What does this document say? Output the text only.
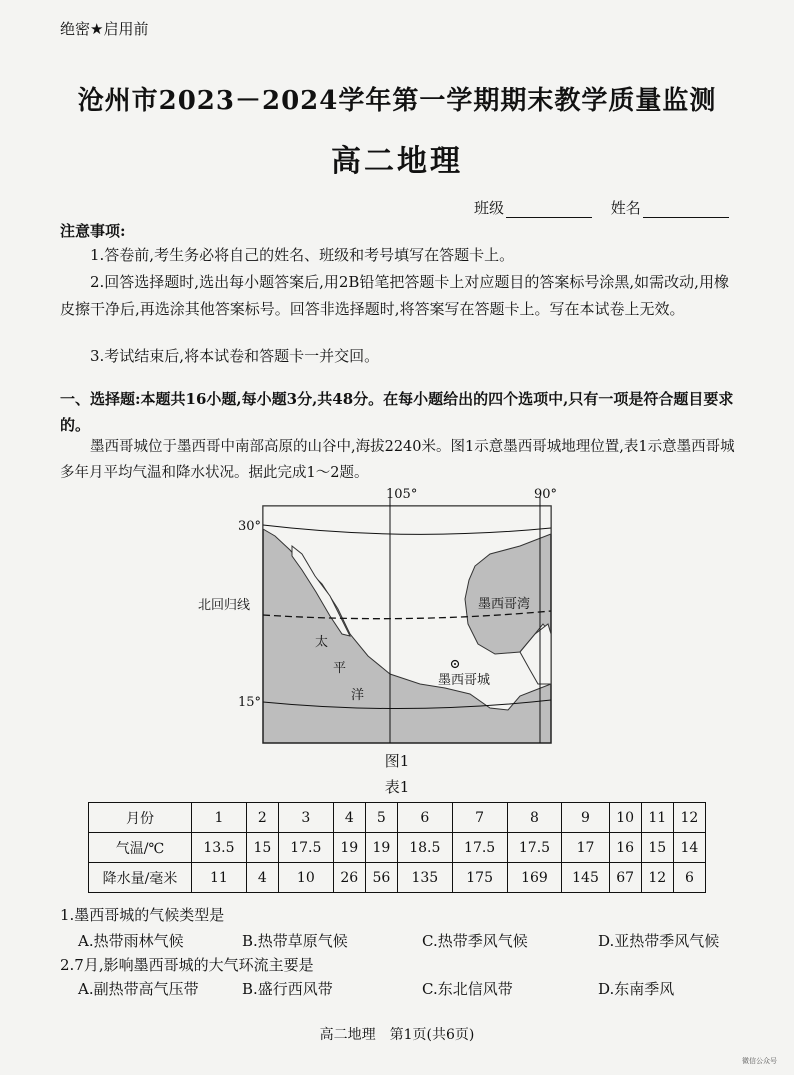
绝密★启用前
沧州市2023－2024学年第一学期期末教学质量监测
高二地理
班级	姓名
注意事项:
1.答卷前,考生务必将自己的姓名、班级和考号填写在答题卡上。
2.回答选择题时,选出每小题答案后,用2B铅笔把答题卡上对应题目的答案标号涂黑,如需改动,用橡皮擦干净后,再选涂其他答案标号。回答非选择题时,将答案写在答题卡上。写在本试卷上无效。
3.考试结束后,将本试卷和答题卡一并交回。
一、选择题:本题共16小题,每小题3分,共48分。在每小题给出的四个选项中,只有一项是符合题目要求的。
墨西哥城位于墨西哥中南部高原的山谷中,海拔2240米。图1示意墨西哥城地理位置,表1示意墨西哥城多年月平均气温和降水状况。据此完成1～2题。
105°	90°
30°
15°
北回归线	墨西哥湾
太
平
洋
墨西哥城
图1
表1
月份	1	2	3	4	5	6	7	8	9	10	11	12
气温/℃	13.5	15	17.5	19	19	18.5	17.5	17.5	17	16	15	14
降水量/毫米	11	4	10	26	56	135	175	169	145	67	12	6
1.墨西哥城的气候类型是
A.热带雨林气候	B.热带草原气候	C.热带季风气候	D.亚热带季风气候
2.7月,影响墨西哥城的大气环流主要是
A.副热带高气压带	B.盛行西风带	C.东北信风带	D.东南季风
高二地理　第1页(共6页)
微信公众号
